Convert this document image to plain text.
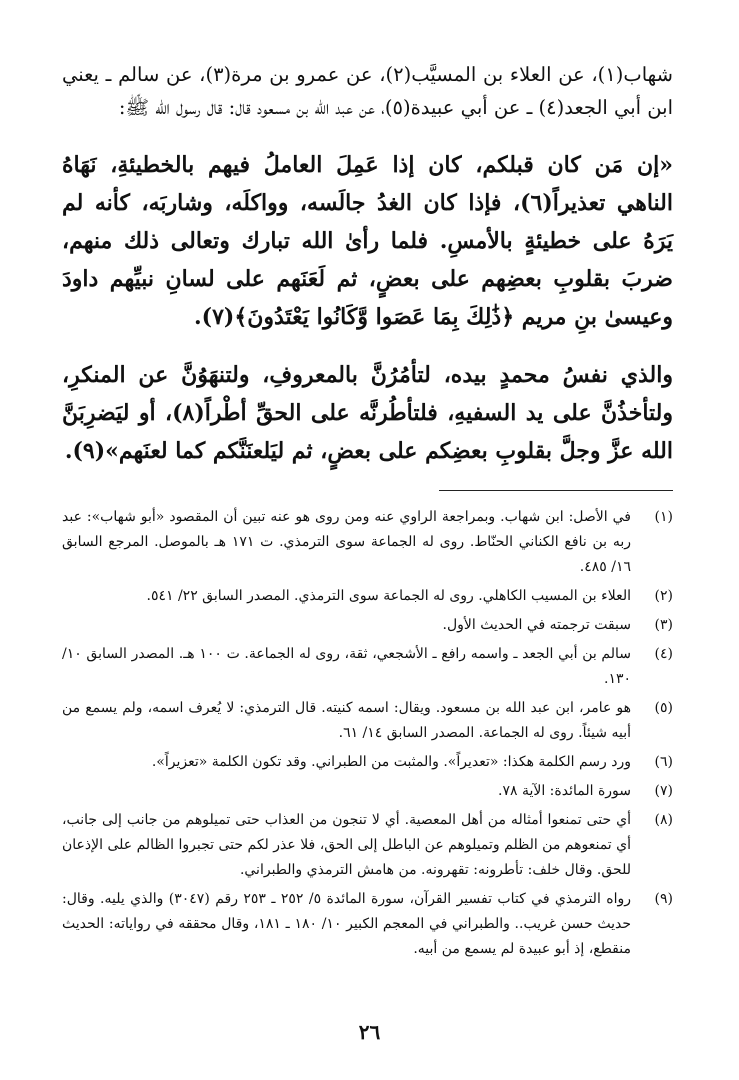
شهاب(١)، عن العلاء بن المسيَّب(٢)، عن عمرو بن مرة(٣)، عن سالم ـ يعني ابن أبي الجعد(٤) ـ عن أبي عبيدة(٥)، عن عبد الله بن مسعود قال: قال رسول الله ﷺ:

«إن مَن كان قبلكم، كان إذا عَمِلَ العاملُ فيهم بالخطيئةِ، نَهَاهُ الناهي تعذيراً(٦)، فإذا كان الغدُ جالَسه، وواكلَه، وشاربَه، كأنه لم يَرَهُ على خطيئةٍ بالأمسِ. فلما رأىٰ الله تبارك وتعالى ذلك منهم، ضربَ بقلوبِ بعضِهم على بعضٍ، ثم لَعَنَهم على لسانِ نبيِّهم داودَ وعيسىٰ بنِ مريم ﴿ذَٰلِكَ بِمَا عَصَوا وَّكَانُوا يَعْتَدُونَ﴾(٧).

والذي نفسُ محمدٍ بيده، لتأمُرُنَّ بالمعروفِ، ولتنهَوُنَّ عن المنكرِ، ولتأخذُنَّ على يد السفيهِ، فلتأطُرنَّه على الحقِّ أطْراً(٨)، أو ليَضرِبَنَّ الله عزَّ وجلَّ بقلوبِ بعضِكم على بعضٍ، ثم ليَلعنَنَّكم كما لعنَهم»(٩).

(١)
في الأصل: ابن شهاب. وبمراجعة الراوي عنه ومن روى هو عنه تبين أن المقصود «أبو شهاب»: عبد ربه بن نافع الكناني الحنّاط. روى له الجماعة سوى الترمذي. ت ١٧١ هـ بالموصل. المرجع السابق ١٦/ ٤٨٥.
(٢)
العلاء بن المسيب الكاهلي. روى له الجماعة سوى الترمذي. المصدر السابق ٢٢/ ٥٤١.
(٣)
سبقت ترجمته في الحديث الأول.
(٤)
سالم بن أبي الجعد ـ واسمه رافع ـ الأشجعي، ثقة، روى له الجماعة. ت ١٠٠ هـ. المصدر السابق ١٠/ ١٣٠.
(٥)
هو عامر، ابن عبد الله بن مسعود. ويقال: اسمه كنيته. قال الترمذي: لا يُعرف اسمه، ولم يسمع من أبيه شيئاً. روى له الجماعة. المصدر السابق ١٤/ ٦١.
(٦)
ورد رسم الكلمة هكذا: «تعديراً». والمثبت من الطبراني. وقد تكون الكلمة «تعزيراً».
(٧)
سورة المائدة: الآية ٧٨.
(٨)
أي حتى تمنعوا أمثاله من أهل المعصية. أي لا تنجون من العذاب حتى تميلوهم من جانب إلى جانب، أي تمنعوهم من الظلم وتميلوهم عن الباطل إلى الحق، فلا عذر لكم حتى تجبروا الظالم على الإذعان للحق. وقال خلف: تأطرونه: تقهرونه. من هامش الترمذي والطبراني.
(٩)
رواه الترمذي في كتاب تفسير القرآن، سورة المائدة ٥/ ٢٥٢ ـ ٢٥٣ رقم (٣٠٤٧) والذي يليه. وقال: حديث حسن غريب.. والطبراني في المعجم الكبير ١٠/ ١٨٠ ـ ١٨١، وقال محققه في رواياته: الحديث منقطع، إذ أبو عبيدة لم يسمع من أبيه.
٢٦
